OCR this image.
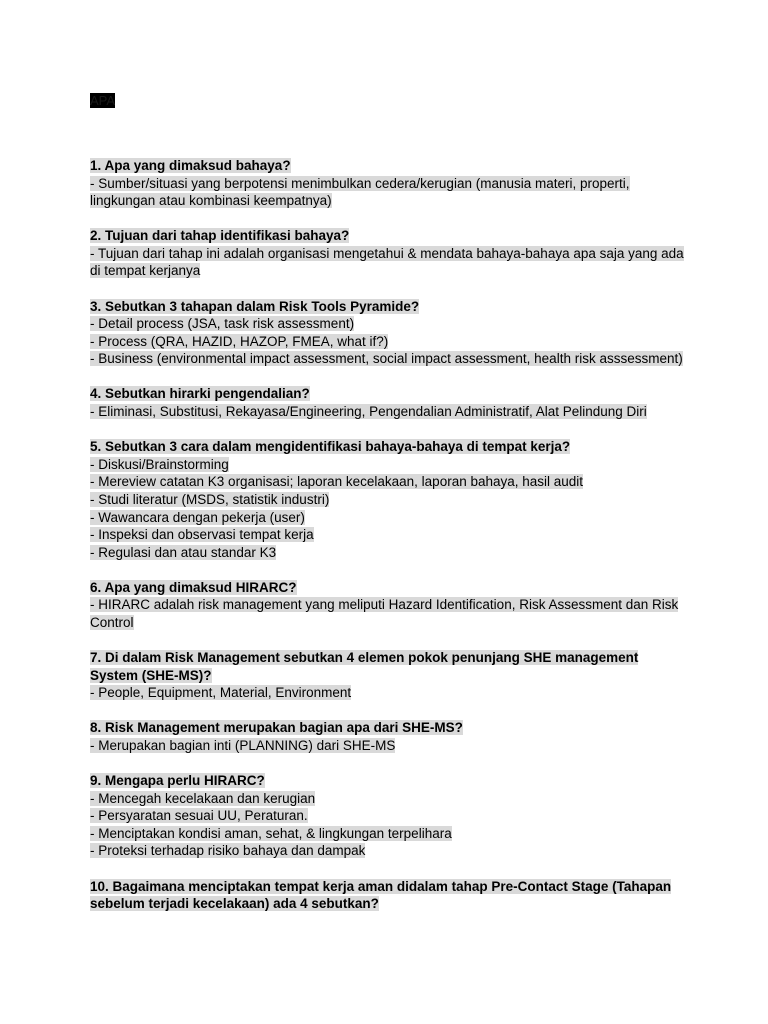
APA
1. Apa yang dimaksud bahaya?
- Sumber/situasi yang berpotensi menimbulkan cedera/kerugian (manusia materi, properti, lingkungan atau kombinasi keempatnya)
2. Tujuan dari tahap identifikasi bahaya?
- Tujuan dari tahap ini adalah organisasi mengetahui & mendata bahaya-bahaya apa saja yang ada di tempat kerjanya
3. Sebutkan 3 tahapan dalam Risk Tools Pyramide?
- Detail process (JSA, task risk assessment)
- Process (QRA, HAZID, HAZOP, FMEA, what if?)
- Business (environmental impact assessment, social impact assessment, health risk asssessment)
4. Sebutkan hirarki pengendalian?
- Eliminasi, Substitusi, Rekayasa/Engineering, Pengendalian Administratif, Alat Pelindung Diri
5. Sebutkan 3 cara dalam mengidentifikasi bahaya-bahaya di tempat kerja?
- Diskusi/Brainstorming
- Mereview catatan K3 organisasi; laporan kecelakaan, laporan bahaya, hasil audit
- Studi literatur (MSDS, statistik industri)
- Wawancara dengan pekerja (user)
- Inspeksi dan observasi tempat kerja
- Regulasi dan atau standar K3
6. Apa yang dimaksud HIRARC?
- HIRARC adalah risk management yang meliputi Hazard Identification, Risk Assessment dan Risk Control
7. Di dalam Risk Management sebutkan 4 elemen pokok penunjang SHE management System (SHE-MS)?
- People, Equipment, Material, Environment
8. Risk Management merupakan bagian apa dari SHE-MS?
- Merupakan bagian inti (PLANNING) dari SHE-MS
9. Mengapa perlu HIRARC?
- Mencegah kecelakaan dan kerugian
- Persyaratan sesuai UU, Peraturan.
- Menciptakan kondisi aman, sehat, & lingkungan terpelihara
- Proteksi terhadap risiko bahaya dan dampak
10. Bagaimana menciptakan tempat kerja aman didalam tahap Pre-Contact Stage (Tahapan sebelum terjadi kecelakaan) ada 4 sebutkan?
